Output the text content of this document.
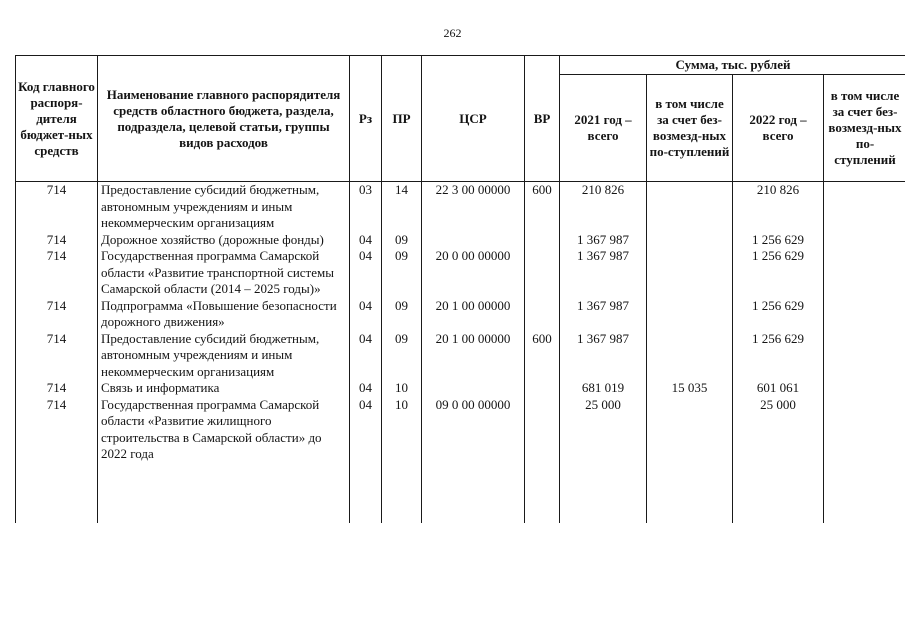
262
Код главного распоря-дителя бюджет-ных средств	Наименование главного распорядителя средств областного бюджета, раздела, подраздела, целевой статьи, группы видов расходов	Рз	ПР	ЦСР	ВР	Сумма, тыс. рублей			
						2021 год – всего	в том числе за счет без-возмезд-ных по-ступлений	2022 год – всего	в том числе за счет без-возмезд-ных по-ступлений
714	Предоставление субсидий бюджетным, автономным учреждениям и иным некоммерческим организациям	03	14	22 3 00 00000	600	210 826		210 826	
714	Дорожное хозяйство (дорожные фонды)	04	09			1 367 987		1 256 629	
714	Государственная программа Самарской области «Развитие транспортной системы Самарской области (2014 – 2025 годы)»	04	09	20 0 00 00000		1 367 987		1 256 629	
714	Подпрограмма «Повышение безопасности дорожного движения»	04	09	20 1 00 00000		1 367 987		1 256 629	
714	Предоставление субсидий бюджетным, автономным учреждениям и иным некоммерческим организациям	04	09	20 1 00 00000	600	1 367 987		1 256 629	
714	Связь и информатика	04	10			681 019	15 035	601 061	
714	Государственная программа Самарской области «Развитие жилищного строительства в Самарской области» до 2022 года	04	10	09 0 00 00000		25 000		25 000	
